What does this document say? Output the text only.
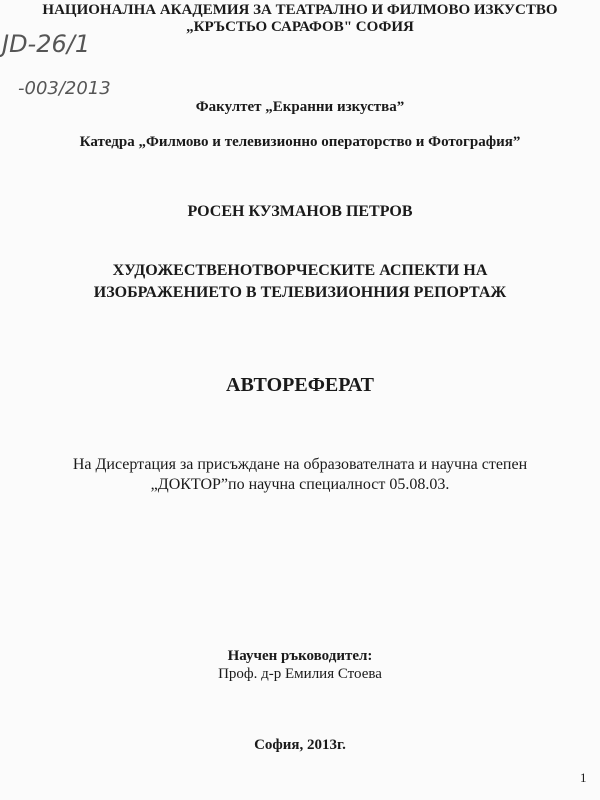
НАЦИОНАЛНА АКАДЕМИЯ ЗА ТЕАТРАЛНО И ФИЛМОВО ИЗКУСТВО
„КРЪСТЬО САРАФОВ" СОФИЯ
JD-26/1
-003/2013
Факултет „Екранни изкуства”
Катедра „Филмово и телевизионно операторство и Фотография”
РОСЕН КУЗМАНОВ ПЕТРОВ
ХУДОЖЕСТВЕНОТВОРЧЕСКИТЕ АСПЕКТИ НА
ИЗОБРАЖЕНИЕТО В ТЕЛЕВИЗИОННИЯ РЕПОРТАЖ
АВТОРЕФЕРАТ
На Дисертация за присъждане на образователната и научна степен
„ДОКТОР”по научна специалност 05.08.03.
Научен ръководител:
Проф. д-р Емилия Стоева
София, 2013г.
1
